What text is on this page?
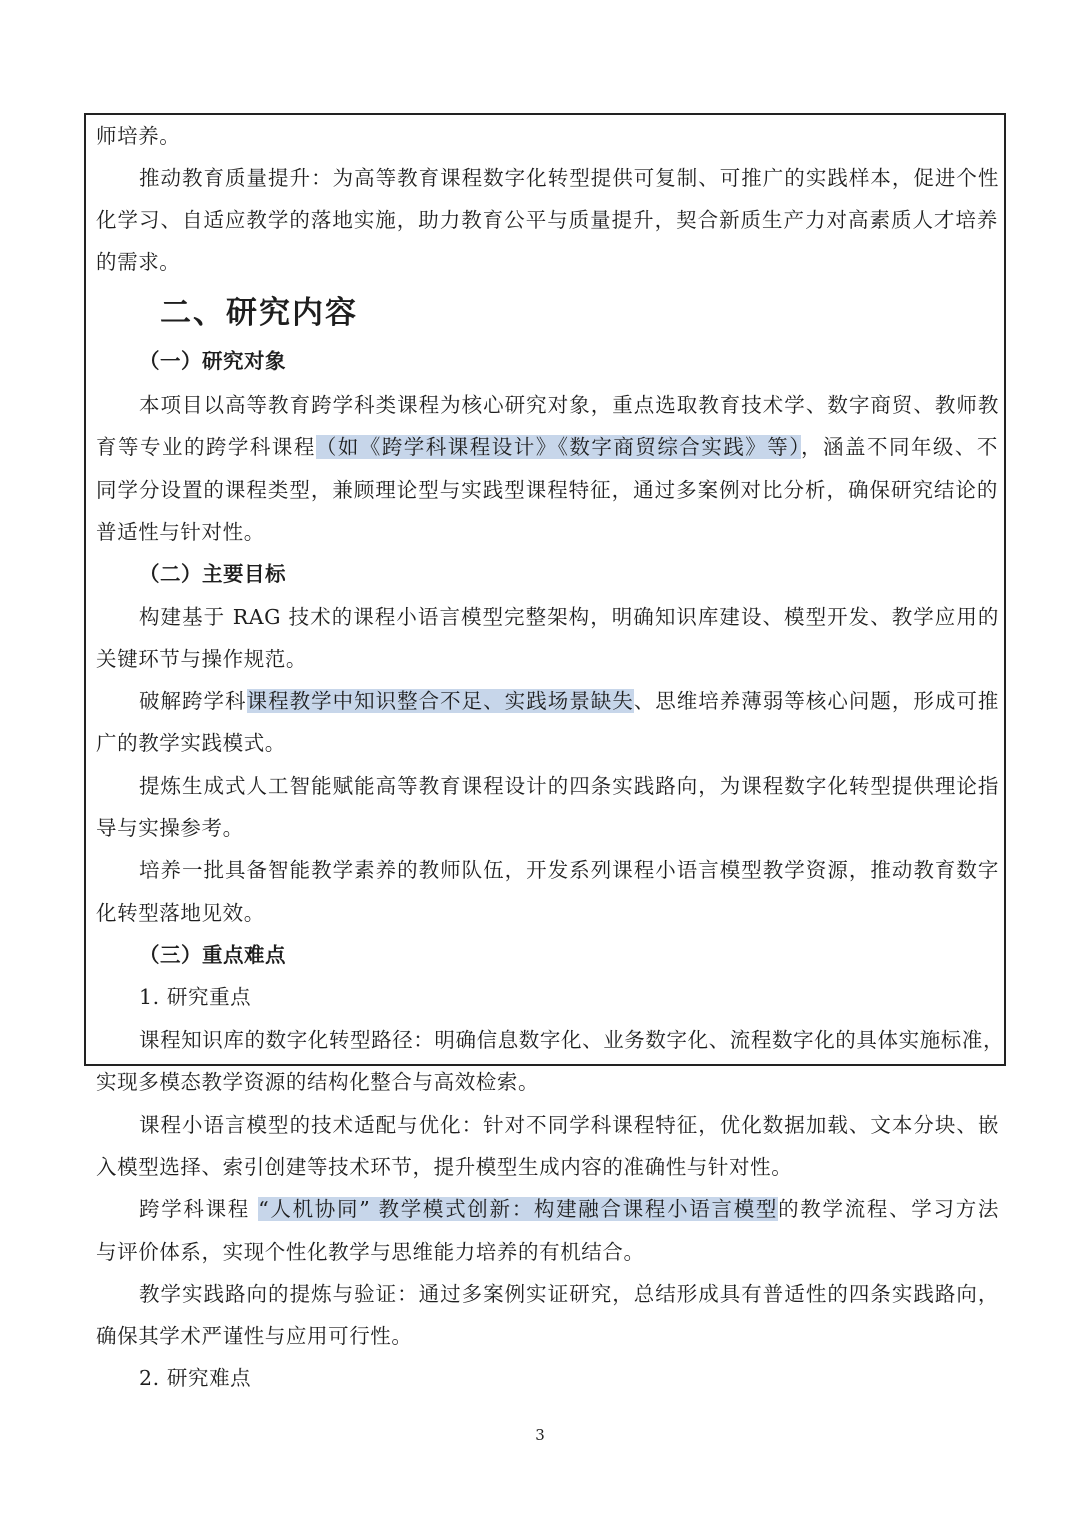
师培养。
推动教育质量提升：为高等教育课程数字化转型提供可复制、可推广的实践样本，促进个性
化学习、自适应教学的落地实施，助力教育公平与质量提升，契合新质生产力对高素质人才培养
的需求。
二、研究内容
（一）研究对象
本项目以高等教育跨学科类课程为核心研究对象，重点选取教育技术学、数字商贸、教师教
育等专业的跨学科课程（如《跨学科课程设计》《数字商贸综合实践》等），涵盖不同年级、不
同学分设置的课程类型，兼顾理论型与实践型课程特征，通过多案例对比分析，确保研究结论的
普适性与针对性。
（二）主要目标
构建基于 RAG 技术的课程小语言模型完整架构，明确知识库建设、模型开发、教学应用的
关键环节与操作规范。
破解跨学科课程教学中知识整合不足、实践场景缺失、思维培养薄弱等核心问题，形成可推
广的教学实践模式。
提炼生成式人工智能赋能高等教育课程设计的四条实践路向，为课程数字化转型提供理论指
导与实操参考。
培养一批具备智能教学素养的教师队伍，开发系列课程小语言模型教学资源，推动教育数字
化转型落地见效。
（三）重点难点
1. 研究重点
课程知识库的数字化转型路径：明确信息数字化、业务数字化、流程数字化的具体实施标准，
实现多模态教学资源的结构化整合与高效检索。
课程小语言模型的技术适配与优化：针对不同学科课程特征，优化数据加载、文本分块、嵌
入模型选择、索引创建等技术环节，提升模型生成内容的准确性与针对性。
跨学科课程 “人机协同” 教学模式创新：构建融合课程小语言模型的教学流程、学习方法
与评价体系，实现个性化教学与思维能力培养的有机结合。
教学实践路向的提炼与验证：通过多案例实证研究，总结形成具有普适性的四条实践路向，
确保其学术严谨性与应用可行性。
2. 研究难点
3
